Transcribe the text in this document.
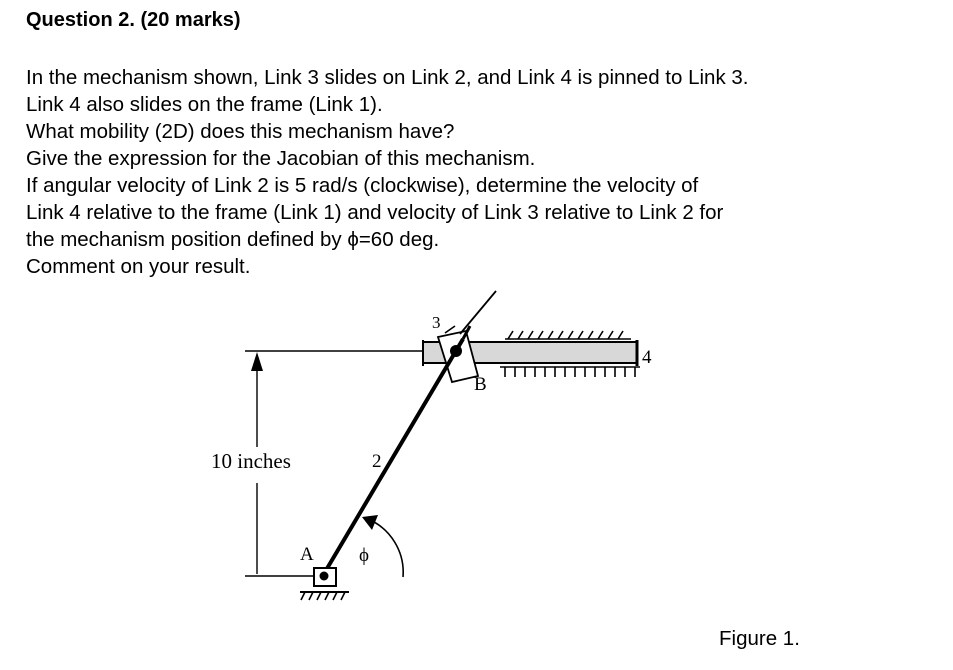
Question 2. (20 marks)
In the mechanism shown, Link 3 slides on Link 2, and Link 4 is pinned to Link 3.
Link 4 also slides on the frame (Link 1).
What mobility (2D) does this mechanism have?
Give the expression for the Jacobian of this mechanism.
If angular velocity of Link 2 is 5 rad/s (clockwise), determine the velocity of
Link 4 relative to the frame (Link 1) and velocity of Link 3 relative to Link 2 for
the mechanism position defined by ϕ=60 deg.
Comment on your result.
10 inches	2
3
4
B
A ϕ
Figure 1.
